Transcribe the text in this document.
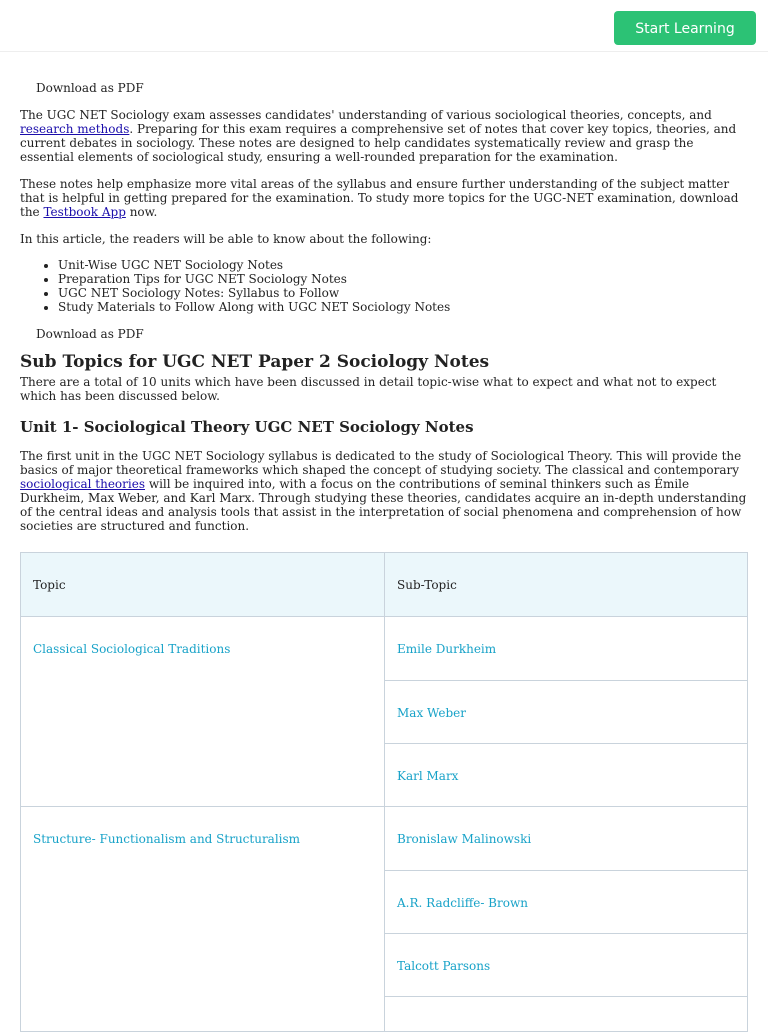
Start Learning

Download as PDF

The UGC NET Sociology exam assesses candidates' understanding of various sociological theories, concepts, and research methods. Preparing for this exam requires a comprehensive set of notes that cover key topics, theories, and current debates in sociology. These notes are designed to help candidates systematically review and grasp the essential elements of sociological study, ensuring a well-rounded preparation for the examination.

These notes help emphasize more vital areas of the syllabus and ensure further understanding of the subject matter that is helpful in getting prepared for the examination. To study more topics for the UGC-NET examination, download the Testbook App now.

In this article, the readers will be able to know about the following:

• Unit-Wise UGC NET Sociology Notes
• Preparation Tips for UGC NET Sociology Notes
• UGC NET Sociology Notes: Syllabus to Follow
• Study Materials to Follow Along with UGC NET Sociology Notes

Download as PDF

Sub Topics for UGC NET Paper 2 Sociology Notes

There are a total of 10 units which have been discussed in detail topic-wise what to expect and what not to expect which has been discussed below.

Unit 1- Sociological Theory UGC NET Sociology Notes

The first unit in the UGC NET Sociology syllabus is dedicated to the study of Sociological Theory. This will provide the basics of major theoretical frameworks which shaped the concept of studying society. The classical and contemporary sociological theories will be inquired into, with a focus on the contributions of seminal thinkers such as Émile Durkheim, Max Weber, and Karl Marx. Through studying these theories, candidates acquire an in-depth understanding of the central ideas and analysis tools that assist in the interpretation of social phenomena and comprehension of how societies are structured and function.

Topic	Sub-Topic
Classical Sociological Traditions	Emile Durkheim
Max Weber
Karl Marx
Structure- Functionalism and Structuralism	Bronislaw Malinowski
A.R. Radcliffe- Brown
Talcott Parsons
